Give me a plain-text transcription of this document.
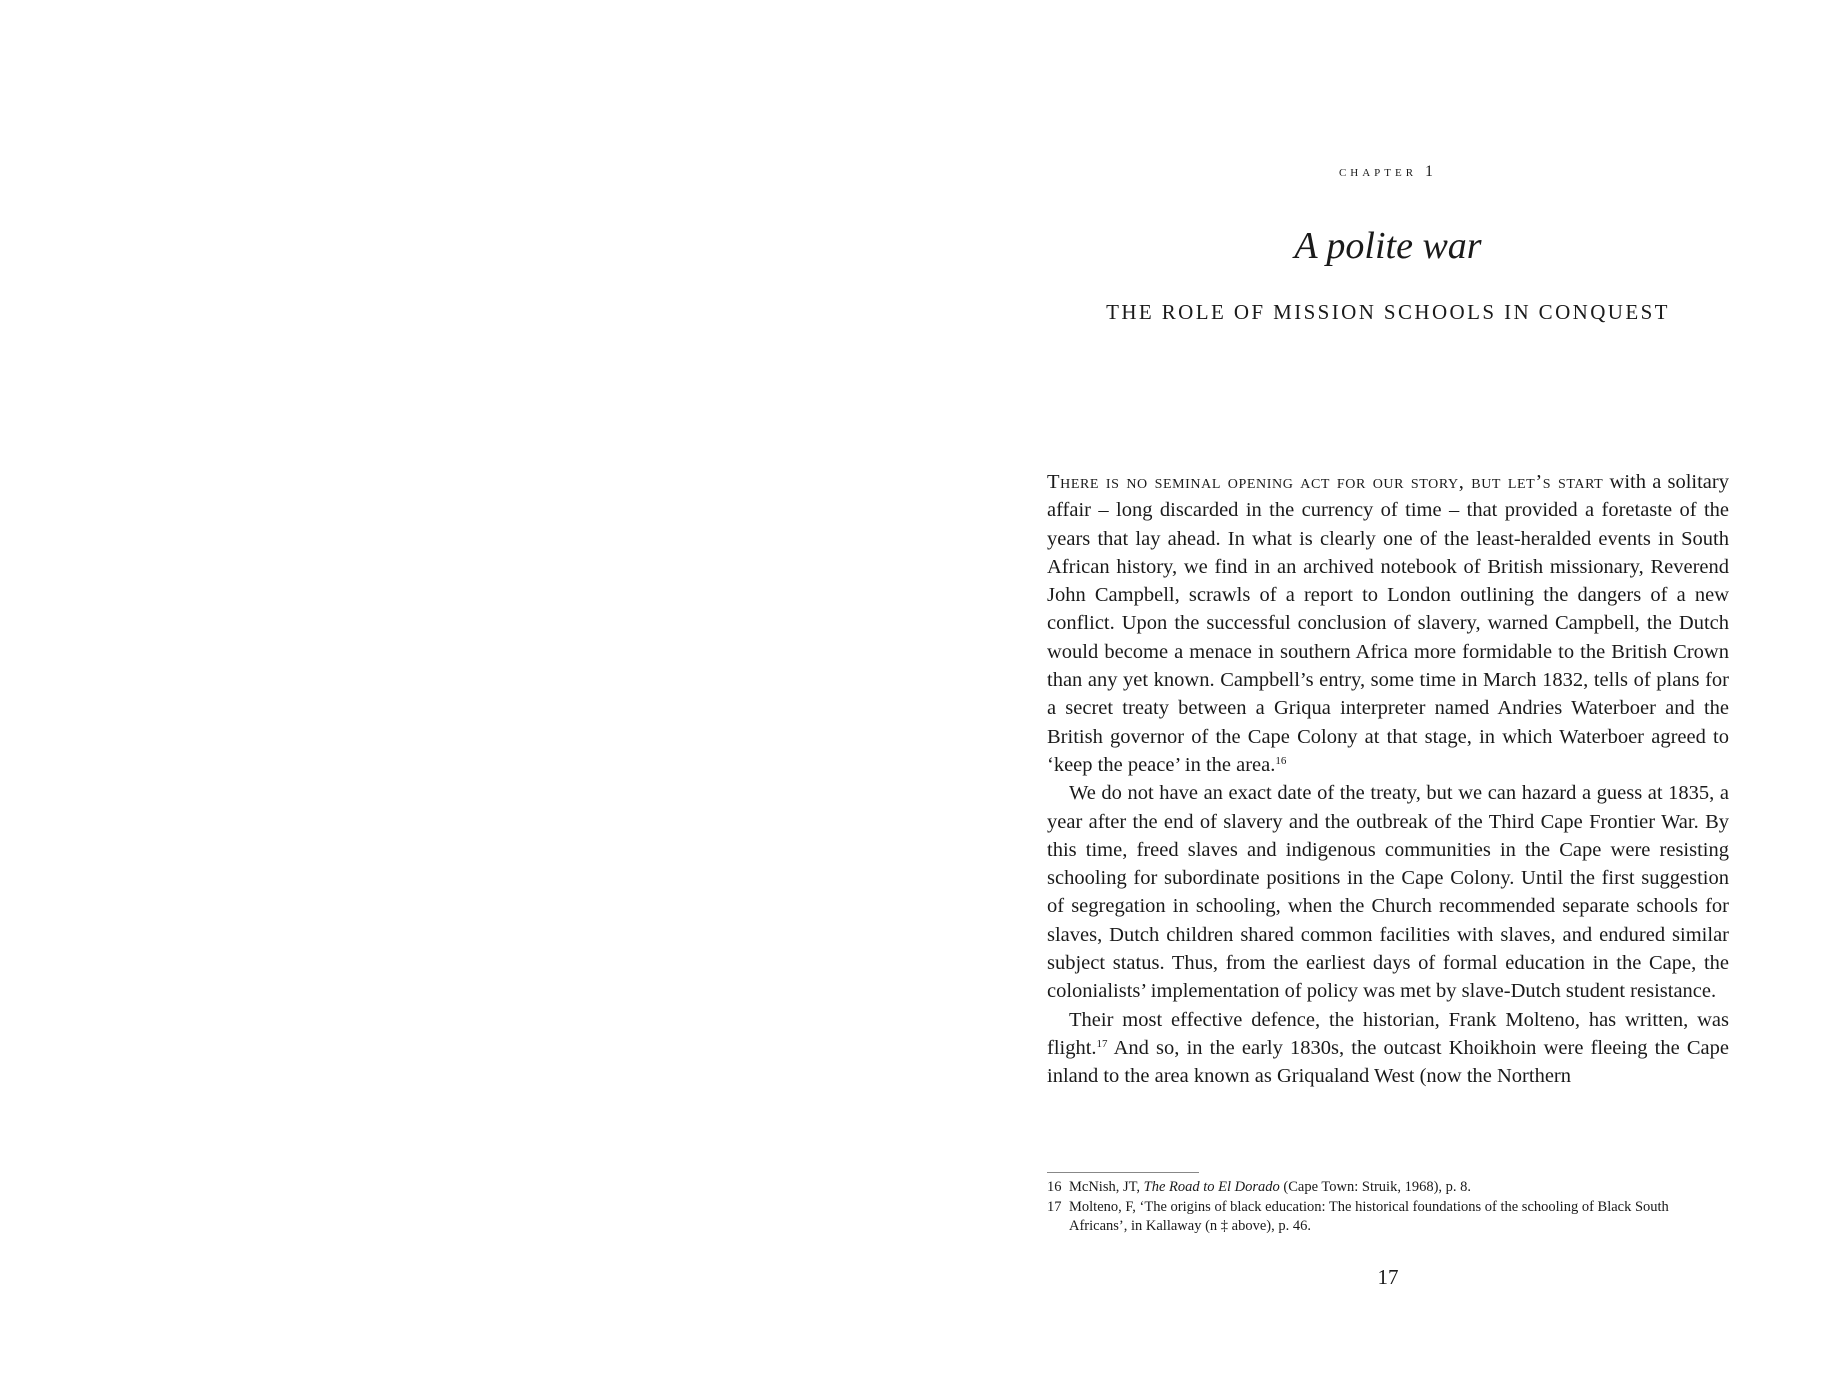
chapter 1
A polite war
THE ROLE OF MISSION SCHOOLS IN CONQUEST

There is no seminal opening act for our story, but let’s start with a solitary affair – long discarded in the currency of time – that provided a foretaste of the years that lay ahead. In what is clearly one of the least-heralded events in South African history, we find in an archived notebook of British missionary, Reverend John Campbell, scrawls of a report to London outlining the dangers of a new conflict. Upon the successful conclusion of slavery, warned Campbell, the Dutch would become a menace in southern Africa more formidable to the British Crown than any yet known. Campbell’s entry, some time in March 1832, tells of plans for a secret treaty between a Griqua interpreter named Andries Waterboer and the British governor of the Cape Colony at that stage, in which Waterboer agreed to ‘keep the peace’ in the area.$^{16}$

We do not have an exact date of the treaty, but we can hazard a guess at 1835, a year after the end of slavery and the outbreak of the Third Cape Frontier War. By this time, freed slaves and indigenous communities in the Cape were resisting schooling for subordinate positions in the Cape Colony. Until the first suggestion of segregation in schooling, when the Church recommended separate schools for slaves, Dutch children shared common facilities with slaves, and endured similar subject status. Thus, from the earliest days of formal education in the Cape, the colonialists’ implementation of policy was met by slave-Dutch student resistance.

Their most effective defence, the historian, Frank Molteno, has written, was flight.$^{17}$ And so, in the early 1830s, the outcast Khoikhoin were fleeing the Cape inland to the area known as Griqualand West (now the Northern

16 McNish, JT, The Road to El Dorado (Cape Town: Struik, 1968), p. 8.
17 Molteno, F, ‘The origins of black education: The historical foundations of the schooling of Black South Africans’, in Kallaway (n ‡ above), p. 46.
17
